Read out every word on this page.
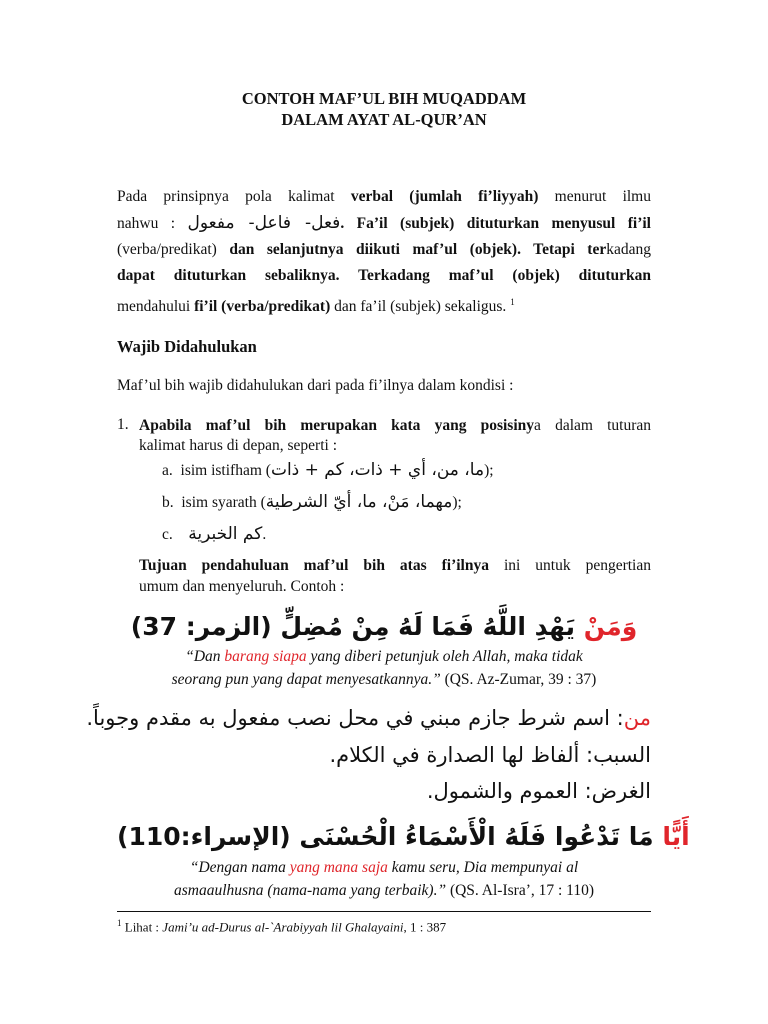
CONTOH MAF’UL BIH MUQADDAM
DALAM AYAT AL-QUR’AN
Pada prinsipnya pola kalimat verbal (jumlah fi’liyyah) menurut ilmu
nahwu : فعل- فاعل- مفعول. Fa’il (subjek) dituturkan menyusul fi’il
(verba/predikat) dan selanjutnya diikuti maf’ul (objek). Tetapi terkadang
dapat dituturkan sebaliknya. Terkadang maf’ul (objek) dituturkan
mendahului fi’il (verba/predikat) dan fa’il (subjek) sekaligus. $^1$
Wajib Didahulukan
Maf’ul bih wajib didahulukan dari pada fi’ilnya dalam kondisi :
1. Apabila maf’ul bih merupakan kata yang posisinya dalam tuturan
kalimat harus di depan, seperti :
a. isim istifham (ما، من، أي + ذات، كم + ذات);
b. isim syarath (مهما، مَنْ، ما، أيّ الشرطية);
c. كم الخبرية.
Tujuan pendahuluan maf’ul bih atas fi’ilnya ini untuk pengertian
umum dan menyeluruh. Contoh :
وَمَنْ يَهْدِ اللَّهُ فَمَا لَهُ مِنْ مُضِلٍّ (الزمر: 37)
“Dan barang siapa yang diberi petunjuk oleh Allah, maka tidak
seorang pun yang dapat menyesatkannya.” (QS. Az-Zumar, 39 : 37)
من: اسم شرط جازم مبني في محل نصب مفعول به مقدم وجوباً.
السبب: ألفاظ لها الصدارة في الكلام.
الغرض: العموم والشمول.
أَيًّا مَا تَدْعُوا فَلَهُ الْأَسْمَاءُ الْحُسْنَى (الإسراء:110)
“Dengan nama yang mana saja kamu seru, Dia mempunyai al
asmaaulhusna (nama-nama yang terbaik).” (QS. Al-Isra’, 17 : 110)
$^1$ Lihat : Jami’u ad-Durus al-`Arabiyyah lil Ghalayaini, 1 : 387
